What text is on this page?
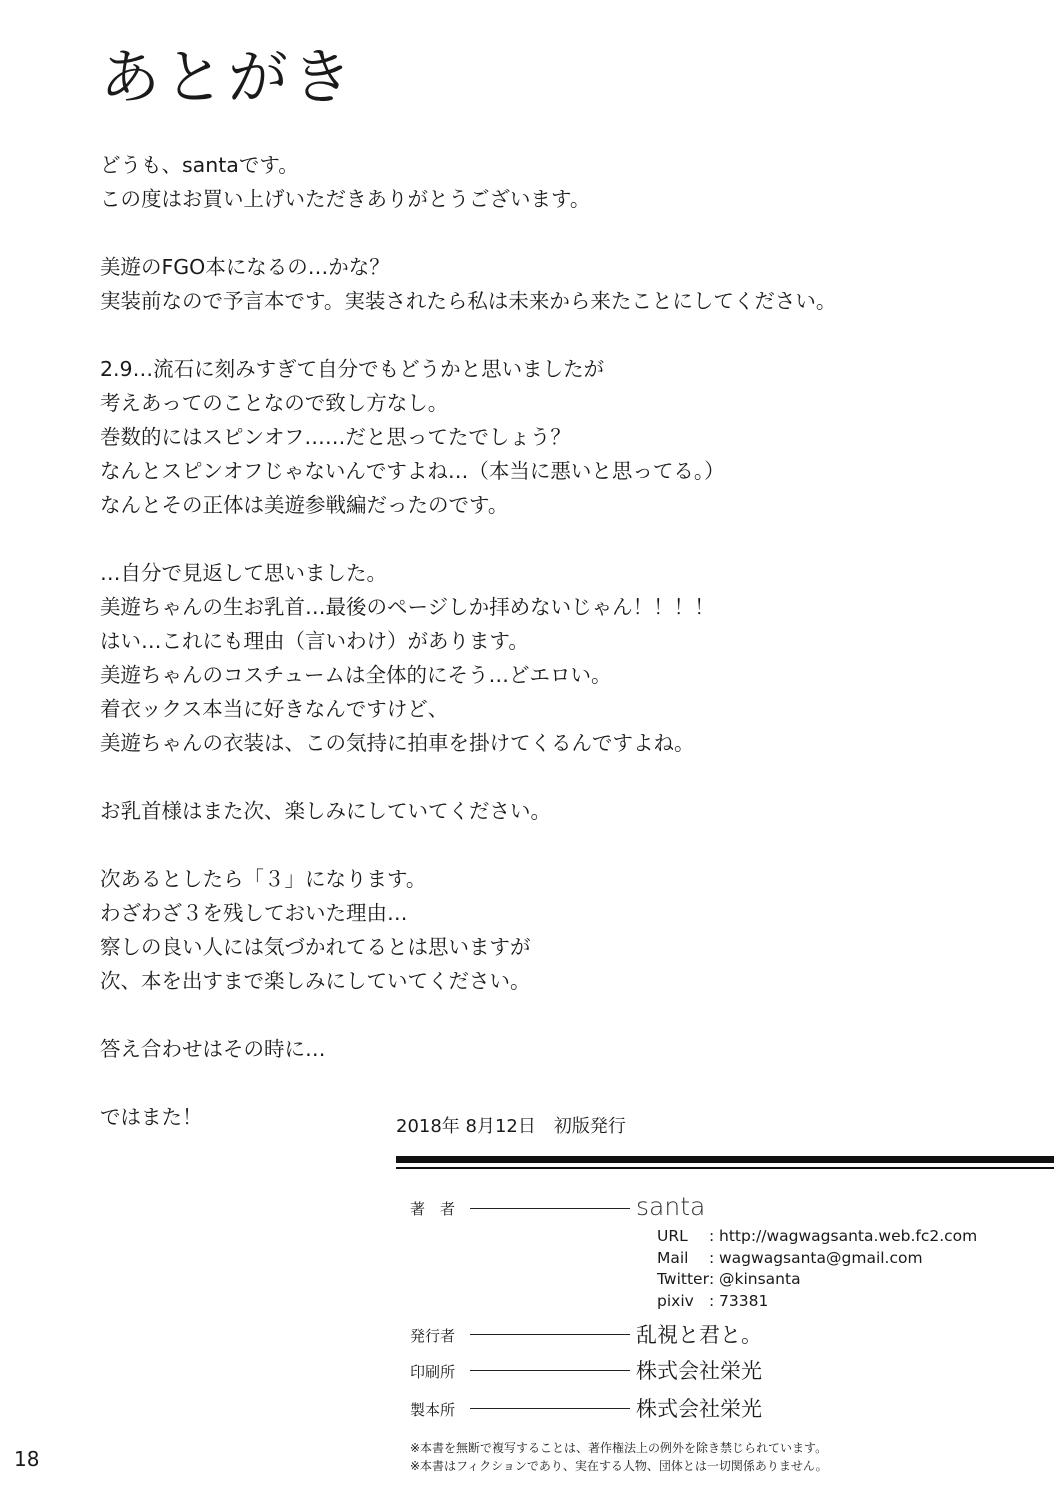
あとがき
どうも、santaです。
この度はお買い上げいただきありがとうございます。
美遊のFGO本になるの…かな？
実装前なので予言本です。実装されたら私は未来から来たことにしてください。
2.9…流石に刻みすぎて自分でもどうかと思いましたが
考えあってのことなので致し方なし。
巻数的にはスピンオフ……だと思ってたでしょう？
なんとスピンオフじゃないんですよね…（本当に悪いと思ってる。）
なんとその正体は美遊参戦編だったのです。
…自分で見返して思いました。
美遊ちゃんの生お乳首…最後のページしか拝めないじゃん！！！！
はい…これにも理由（言いわけ）があります。
美遊ちゃんのコスチュームは全体的にそう…どエロい。
着衣ックス本当に好きなんですけど、
美遊ちゃんの衣装は、この気持に拍車を掛けてくるんですよね。
お乳首様はまた次、楽しみにしていてください。
次あるとしたら「３」になります。
わざわざ３を残しておいた理由…
察しの良い人には気づかれてるとは思いますが
次、本を出すまで楽しみにしていてください。
答え合わせはその時に…
ではまた！	2018年 8月12日　初版発行
著　者	santa
URL : http://wagwagsanta.web.fc2.com
Mail : wagwagsanta@gmail.com
Twitter: @kinsanta
pixiv : 73381
発行者	乱視と君と。
印刷所	株式会社栄光
製本所	株式会社栄光
※本書を無断で複写することは、著作権法上の例外を除き禁じられています。
※本書はフィクションであり、実在する人物、団体とは一切関係ありません。
18
